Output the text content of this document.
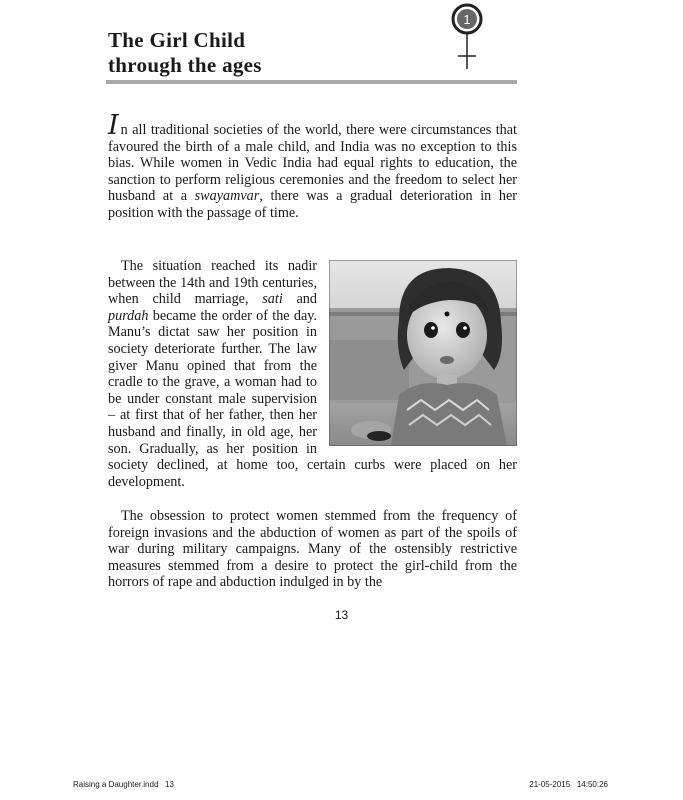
The Girl Child
through the ages
1
In all traditional societies of the world, there were circumstances that favoured the birth of a male child, and India was no exception to this bias. While women in Vedic India had equal rights to education, the sanction to perform religious ceremonies and the freedom to select her husband at a swayamvar, there was a gradual deterioration in her position with the passage of time.
The situation reached its nadir between the 14th and 19th centuries, when child marriage, sati and purdah became the order of the day. Manu’s dictat saw her position in society deteriorate further. The law giver Manu opined that from the cradle to the grave, a woman had to be under constant male supervision – at first that of her father, then her husband and finally, in old age, her son. Gradually, as her position in society declined, at home too, certain curbs were placed on her development.
The obsession to protect women stemmed from the frequency of foreign invasions and the abduction of women as part of the spoils of war during military campaigns. Many of the ostensibly restrictive measures stemmed from a desire to protect the girl-child from the horrors of rape and abduction indulged in by the
13
Raising a Daughter.indd   13	21-05-2015   14:50:26
